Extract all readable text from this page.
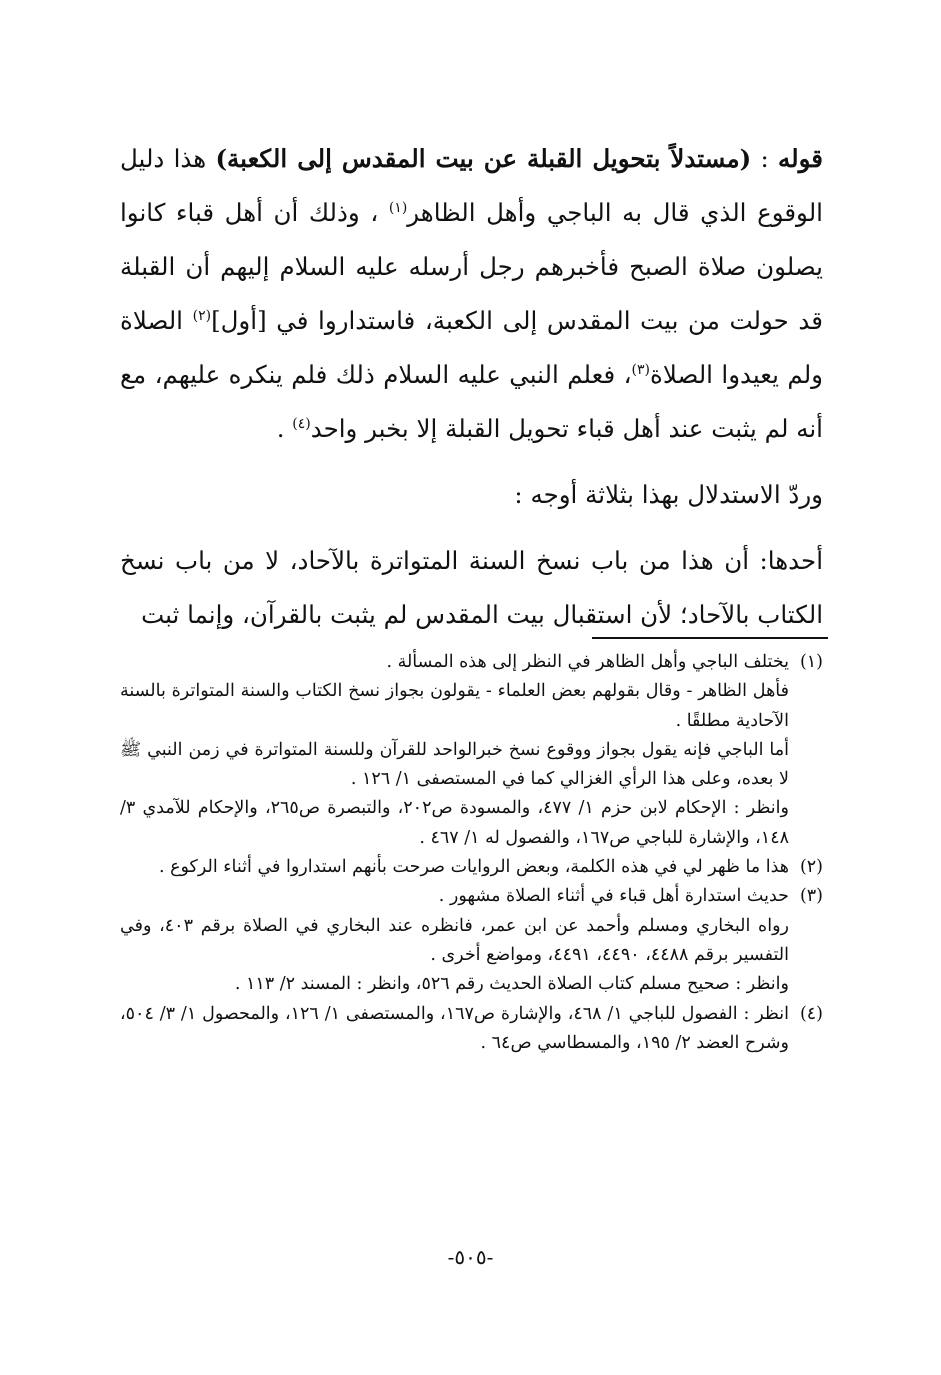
قوله : (مستدلاً بتحويل القبلة عن بيت المقدس إلى الكعبة) هذا دليل الوقوع الذي قال به الباجي وأهل الظاهر$^{(١)}$ ، وذلك أن أهل قباء كانوا يصلون صلاة الصبح فأخبرهم رجل أرسله عليه السلام إليهم أن القبلة قد حولت من بيت المقدس إلى الكعبة، فاستداروا في [أول]$^{(٢)}$ الصلاة ولم يعيدوا الصلاة$^{(٣)}$، فعلم النبي عليه السلام ذلك فلم ينكره عليهم، مع أنه لم يثبت عند أهل قباء تحويل القبلة إلا بخبر واحد$^{(٤)}$ .

وردّ الاستدلال بهذا بثلاثة أوجه :

أحدها: أن هذا من باب نسخ السنة المتواترة بالآحاد، لا من باب نسخ الكتاب بالآحاد؛ لأن استقبال بيت المقدس لم يثبت بالقرآن، وإنما ثبت

(١)

يختلف الباجي وأهل الظاهر في النظر إلى هذه المسألة .

فأهل الظاهر - وقال بقولهم بعض العلماء - يقولون بجواز نسخ الكتاب والسنة المتواترة بالسنة الآحادية مطلقًا .

أما الباجي فإنه يقول بجواز ووقوع نسخ خبرالواحد للقرآن وللسنة المتواترة في زمن النبي ﷺ لا بعده، وعلى هذا الرأي الغزالي كما في المستصفى ١/ ١٢٦ .

وانظر : الإحكام لابن حزم ١/ ٤٧٧، والمسودة ص٢٠٢، والتبصرة ص٢٦٥، والإحكام للآمدي ٣/ ١٤٨، والإشارة للباجي ص١٦٧، والفصول له ١/ ٤٦٧ .

(٢)

هذا ما ظهر لي في هذه الكلمة، وبعض الروايات صرحت بأنهم استداروا في أثناء الركوع .

(٣)

حديث استدارة أهل قباء في أثناء الصلاة مشهور .

رواه البخاري ومسلم وأحمد عن ابن عمر، فانظره عند البخاري في الصلاة برقم ٤٠٣، وفي التفسير برقم ٤٤٨٨، ٤٤٩٠، ٤٤٩١، ومواضع أخرى .

وانظر : صحيح مسلم كتاب الصلاة الحديث رقم ٥٢٦، وانظر : المسند ٢/ ١١٣ .

(٤)

انظر : الفصول للباجي ١/ ٤٦٨، والإشارة ص١٦٧، والمستصفى ١/ ١٢٦، والمحصول ١/ ٣/ ٥٠٤، وشرح العضد ٢/ ١٩٥، والمسطاسي ص٦٤ .

-٥٠٥-
